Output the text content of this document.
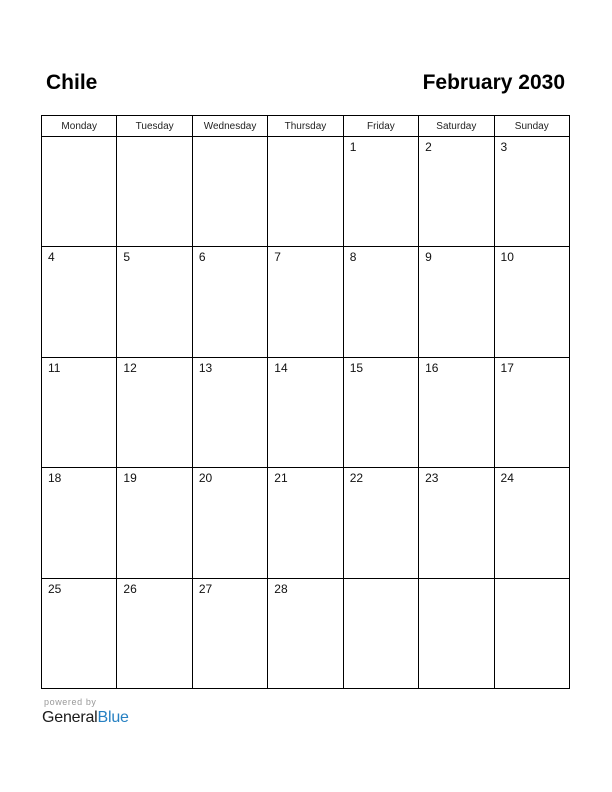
Chile	February 2030
Monday	Tuesday	Wednesday	Thursday	Friday	Saturday	Sunday

				1	2	3

4	5	6	7	8	9	10

11	12	13	14	15	16	17

18	19	20	21	22	23	24

25	26	27	28			

powered by
GeneralBlue
